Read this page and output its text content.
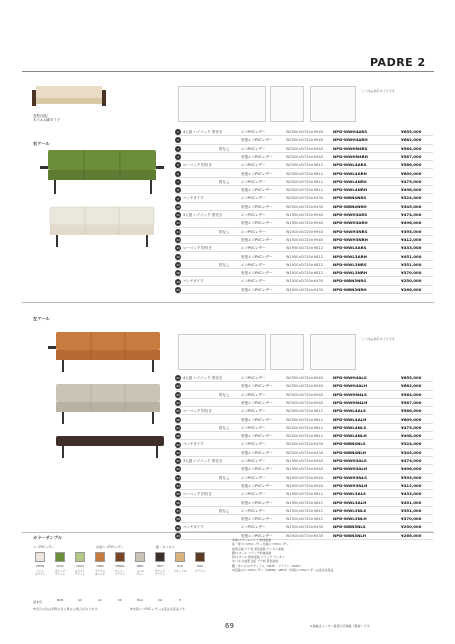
PADRE 2
成型合板/
木パネル脚タイプ
右アール
（ ）内は対応タイプです
1	4人掛 ハイバック 肘付き	エコPVCレザー	W2550×D720×H940	NPD-WWH4ARS	¥655,000
2	布張エコPVCレザー	W2550×D720×H940	NPD-WWH4ARH	¥682,000
3	肘なし	エコPVCレザー	W2520×D720×H940	NPD-WWHN4RS	¥564,000
4	布張エコPVCレザー	W2520×D720×H940	NPD-WWHN4RH	¥587,000
5	ローバック 肘付き	エコPVCレザー	W2550×D720×H812	NPD-WWL4ARS	¥586,000
6	布張エコPVCレザー	W2550×D720×H812	NPD-WWL4ARH	¥609,000
7	肘なし	エコPVCレザー	W2520×D720×H812	NPD-WWL4NRS	¥475,000
8	布張エコPVCレザー	W2520×D720×H812	NPD-WWL4NRH	¥498,000
9	ベンチタイプ	エコPVCレザー	W2520×D720×H430	NPD-WBN4NRS	¥324,000
10	布張エコPVCレザー	W2520×D720×H430	NPD-WBN4NRH	¥345,000
11 3人掛 ハイバック 肘付き	エコPVCレザー	W1950×D720×H940	NPD-WWH3ARS	¥474,000
12	布張エコPVCレザー	W1950×D720×H940	NPD-WWH3ARH	¥496,000
13	肘なし	エコPVCレザー	W1920×D720×H940	NPD-WWH3NRS	¥395,000
14	布張エコPVCレザー	W1920×D720×H940	NPD-WWH3NRH	¥412,000
15 ローバック 肘付き	エコPVCレザー	W1950×D720×H812	NPD-WWL3ARS	¥433,000
16	布張エコPVCレザー	W1950×D720×H812	NPD-WWL3ARH	¥451,000
17	肘なし	エコPVCレザー	W1920×D720×H812	NPD-WWL3NRS	¥351,000
18	布張エコPVCレザー	W1920×D720×H812	NPD-WWL3NRH	¥370,000
19 ベンチタイプ	エコPVCレザー	W1920×D720×H430	NPD-WBN3NRS	¥250,000
20	布張エコPVCレザー	W1920×D720×H430	NPD-WBN3NRH	¥266,000
左アール
（ ）内は対応タイプです
21 4人掛 ハイバック 肘付き	エコPVCレザー	W2550×D720×H940	NPD-WWH4ALS	¥655,000
22	布張エコPVCレザー	W2550×D720×H940	NPD-WWH4ALH	¥682,000
23	肘なし	エコPVCレザー	W2520×D720×H940	NPD-WWHN4LS	¥564,000
24	布張エコPVCレザー	W2520×D720×H940	NPD-WWHN4LH	¥587,000
25 ローバック 肘付き	エコPVCレザー	W2550×D720×H812	NPD-WWL4ALS	¥586,000
26	布張エコPVCレザー	W2550×D720×H812	NPD-WWL4ALH	¥609,000
27	肘なし	エコPVCレザー	W2520×D720×H812	NPD-WWL4NLS	¥475,000
28	布張エコPVCレザー	W2520×D720×H812	NPD-WWL4NLH	¥498,000
29 ベンチタイプ	エコPVCレザー	W2520×D720×H430	NPD-WBN4NLS	¥324,000
30	布張エコPVCレザー	W2520×D720×H430	NPD-WBN4NLH	¥345,000
31 3人掛 ハイバック 肘付き	エコPVCレザー	W1950×D720×H940	NPD-WWH3ALS	¥474,000
32	布張エコPVCレザー	W1950×D720×H940	NPD-WWH3ALH	¥496,000
33	肘なし	エコPVCレザー	W1920×D720×H940	NPD-WWH3NLS	¥395,000
34	布張エコPVCレザー	W1920×D720×H940	NPD-WWH3NLH	¥412,000
35 ローバック 肘付き	エコPVCレザー	W1950×D720×H812	NPD-WWL3ALS	¥433,000
36	布張エコPVCレザー	W1950×D720×H812	NPD-WWL3ALH	¥451,000
37	肘なし	エコPVCレザー	W1920×D720×H812	NPD-WWL3NLS	¥351,000
38	布張エコPVCレザー	W1920×D720×H812	NPD-WWL3NLH	¥370,000
39 ベンチタイプ	エコPVCレザー	W1920×D720×H430	NPD-WBN3NLS	¥250,000
40	布張エコPVCレザー	W1920×D720×H430	NPD-WBN3NLH	¥266,000
カラーサンプル
エコPVCレザー	布張エコPVCレザー	脚・木パネル
VZMW
ファム
ホワイト
VZGS
オリーブ
グリーン
VZGH
ホワイト
グリーン
VZBD
ブラウン
オレンジ
VBMRA
チェリー
ブラウン
VBPA
パール
グレー
VBYH
ダウンド
ブラウン
WLH
ナチュラル
WZG
ブラウン
MAN	G6	G1	RD	MAA	AW	H
基本色
※表示の色は実際の色と異なる場合があります。	※布張エコPVCレザーは受注生産品です。
本体/スチールパイプ 粉体塗装
座・背/エコPVCレザー 布張エコPVCレザー
成型合板/ブナ材 着色塗装 ウレタン塗装
脚/スチール ブラック粉体塗装
肘/スチール 粉体塗装 ブラック ウレタン
木パネル/成型合板 ブナ材 着色塗装
脚・木パネル/ナチュラル（WLH） ブラウン（WZG）
※座面はエコPVCレザー（VZMW・VBYH）/布張エコPVCレザーは受注生産品
69	※価格はメーカー希望小売価格（税抜）です。
